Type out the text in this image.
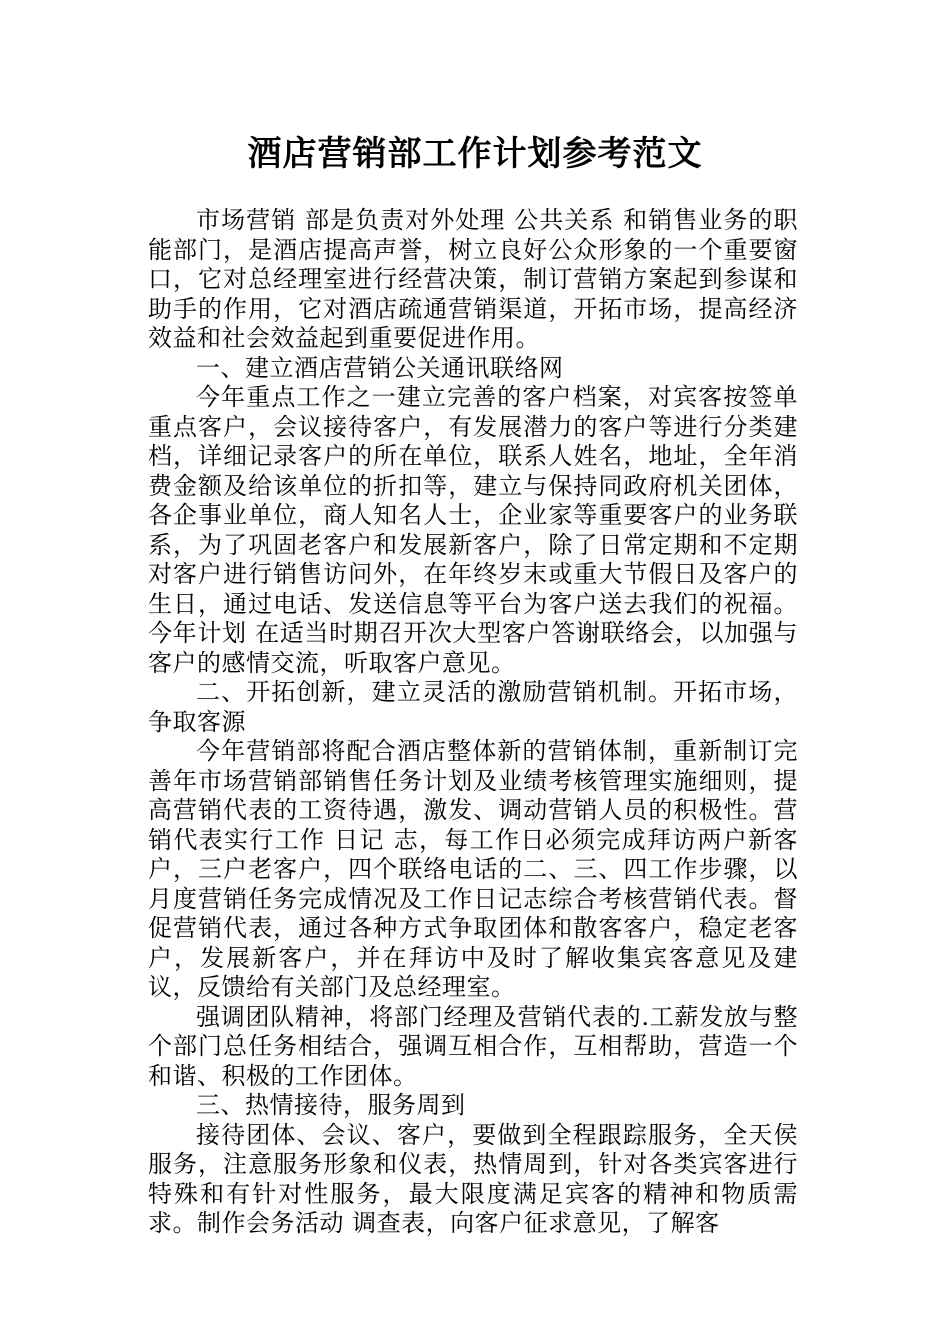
酒店营销部工作计划参考范文

市场营销 部是负责对外处理 公共关系 和销售业务的职能部门，是酒店提高声誉，树立良好公众形象的一个重要窗口，它对总经理室进行经营决策，制订营销方案起到参谋和助手的作用，它对酒店疏通营销渠道，开拓市场，提高经济效益和社会效益起到重要促进作用。

一、建立酒店营销公关通讯联络网

今年重点工作之一建立完善的客户档案，对宾客按签单重点客户，会议接待客户，有发展潜力的客户等进行分类建档，详细记录客户的所在单位，联系人姓名，地址，全年消费金额及给该单位的折扣等，建立与保持同政府机关团体，各企事业单位，商人知名人士，企业家等重要客户的业务联系，为了巩固老客户和发展新客户，除了日常定期和不定期对客户进行销售访问外，在年终岁末或重大节假日及客户的生日，通过电话、发送信息等平台为客户送去我们的祝福。今年计划 在适当时期召开次大型客户答谢联络会，以加强与客户的感情交流，听取客户意见。

二、开拓创新，建立灵活的激励营销机制。开拓市场，争取客源

今年营销部将配合酒店整体新的营销体制，重新制订完善年市场营销部销售任务计划及业绩考核管理实施细则，提高营销代表的工资待遇，激发、调动营销人员的积极性。营销代表实行工作 日记 志，每工作日必须完成拜访两户新客户，三户老客户，四个联络电话的二、三、四工作步骤，以月度营销任务完成情况及工作日记志综合考核营销代表。督促营销代表，通过各种方式争取团体和散客客户，稳定老客户，发展新客户，并在拜访中及时了解收集宾客意见及建议，反馈给有关部门及总经理室。

强调团队精神，将部门经理及营销代表的.工薪发放与整个部门总任务相结合，强调互相合作，互相帮助，营造一个和谐、积极的工作团体。

三、热情接待，服务周到

接待团体、会议、客户，要做到全程跟踪服务，全天侯服务，注意服务形象和仪表，热情周到，针对各类宾客进行特殊和有针对性服务，最大限度满足宾客的精神和物质需求。制作会务活动 调查表，向客户征求意见，了解客
